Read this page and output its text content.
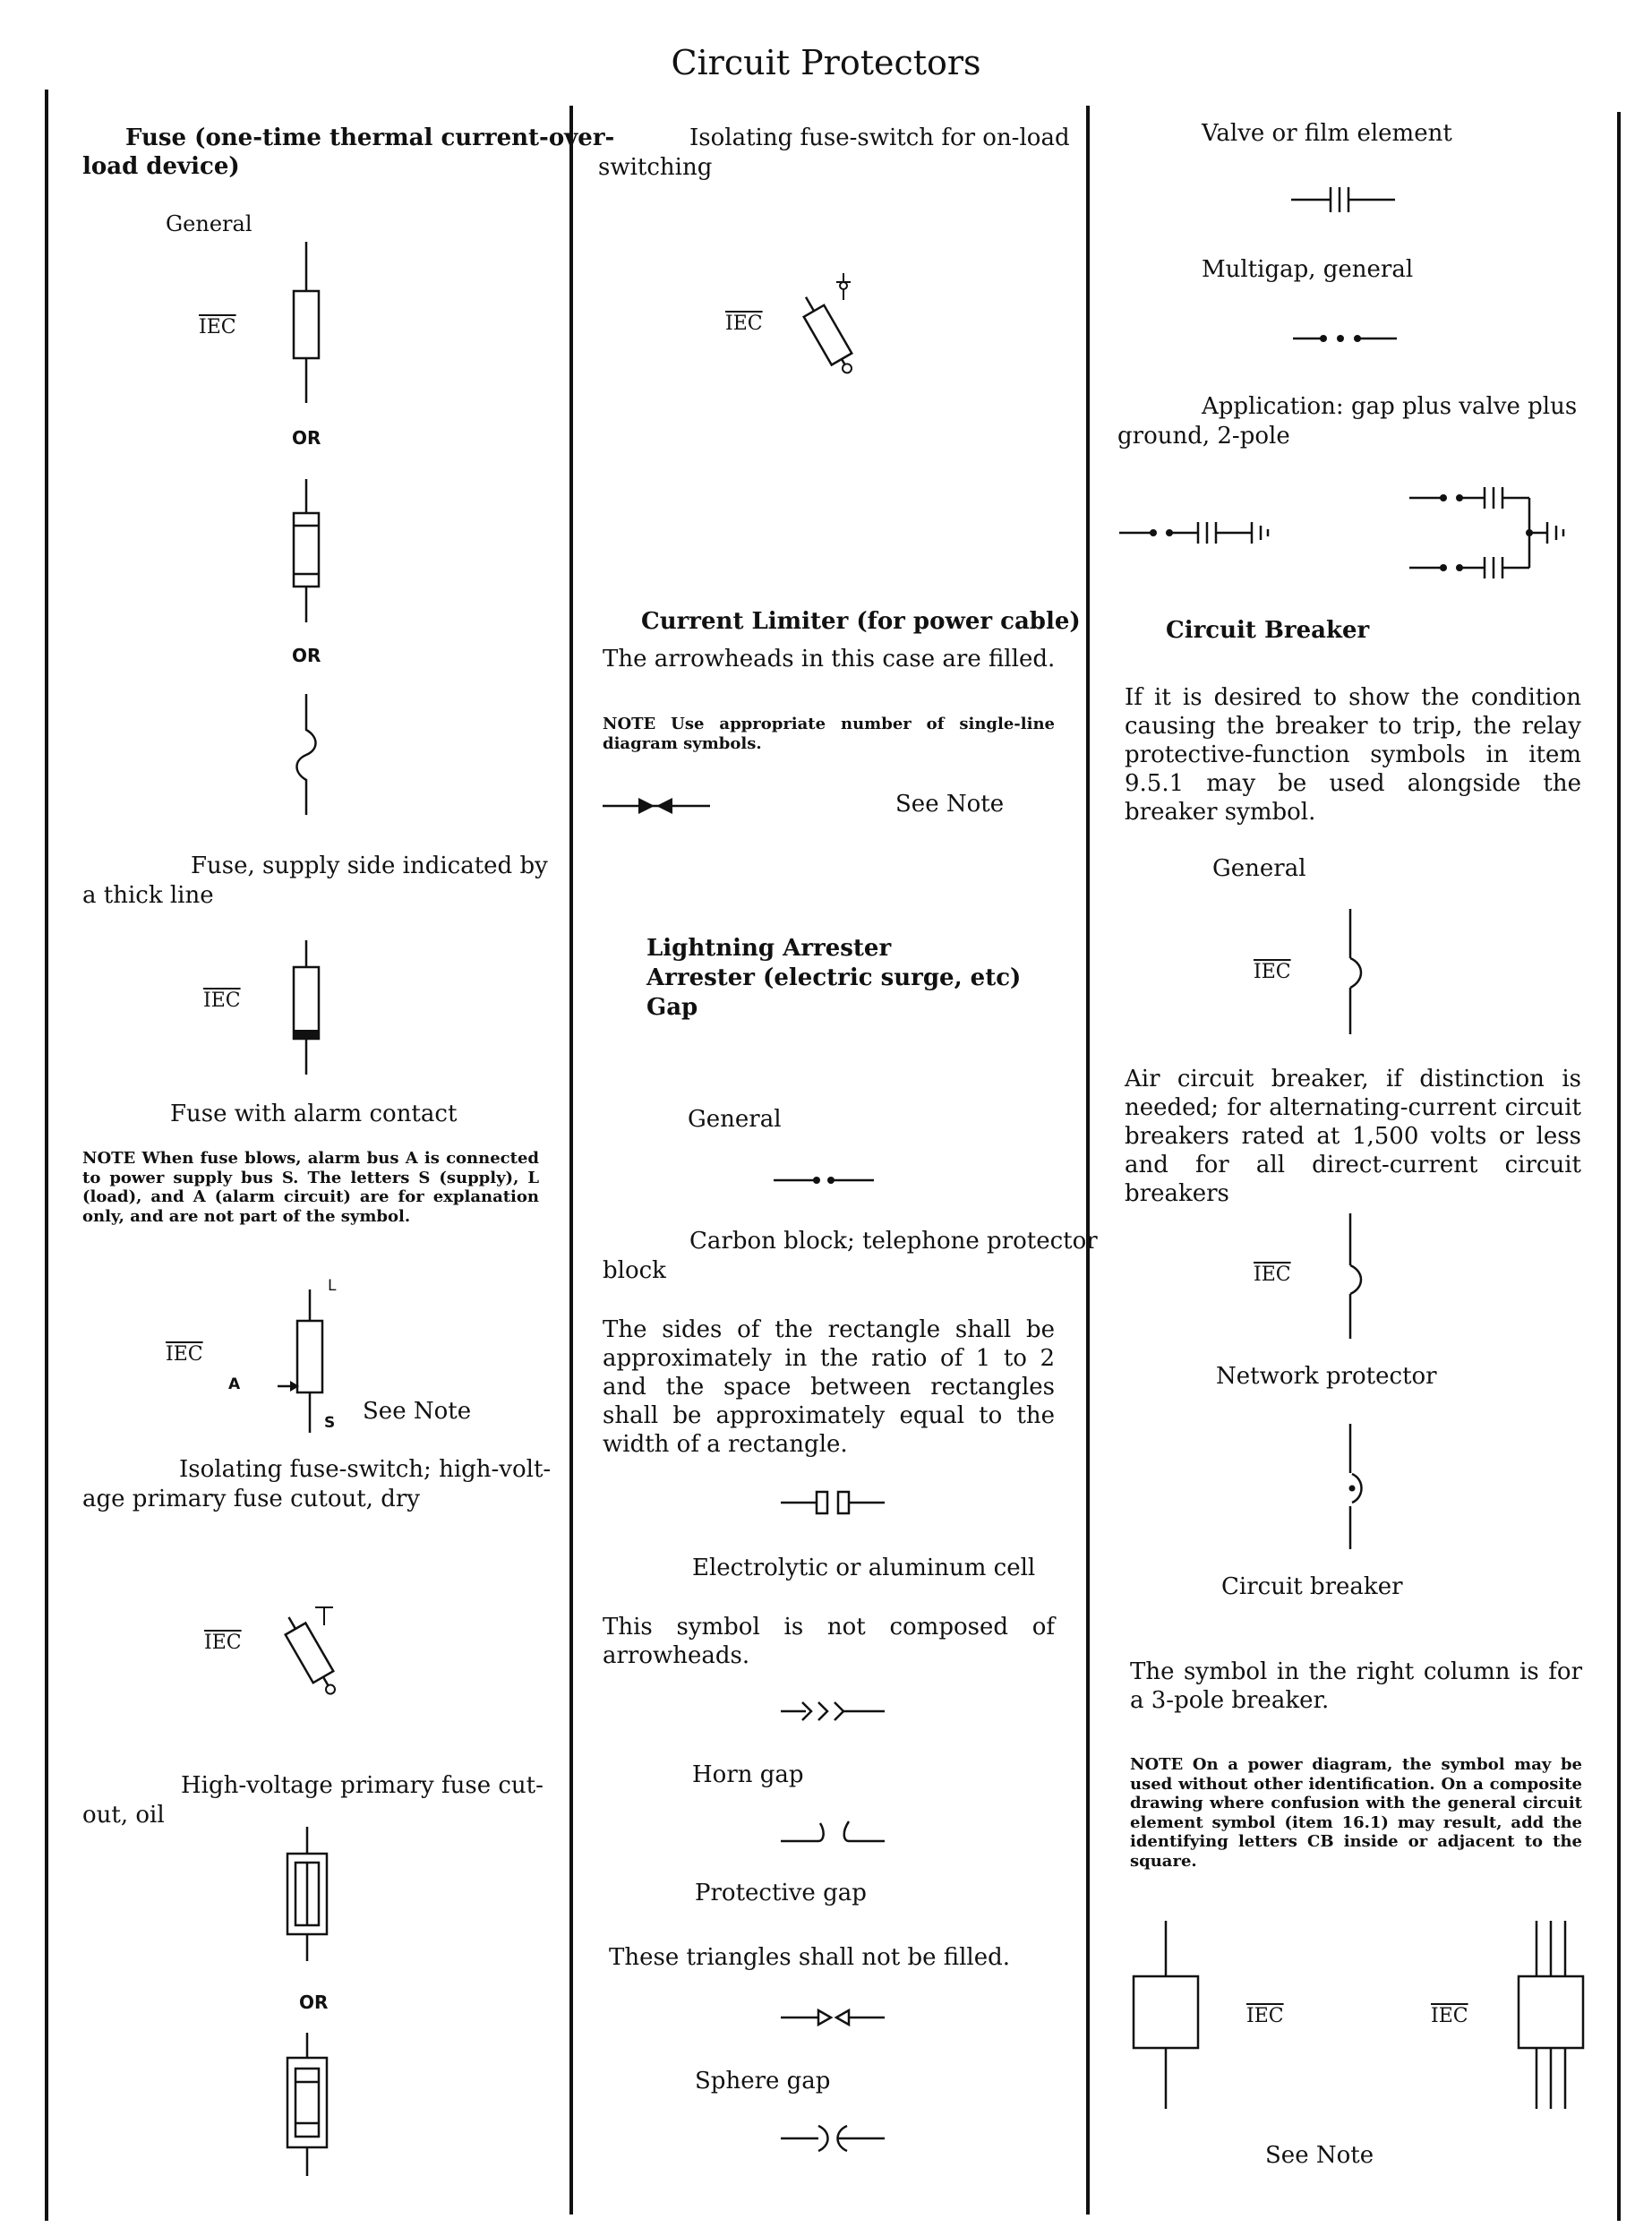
Circuit Protectors
Fuse (one-time thermal current-over-
load device)
General
$\overline{IEC}$
OR
OR
Fuse, supply side indicated by
a thick line
$\overline{IEC}$
Fuse with alarm contact
NOTE When fuse blows, alarm bus A is connected to power supply bus S. The letters S (supply), L (load), and A (alarm circuit) are for explanation only, and are not part of the symbol.
$\overline{IEC}$
L
A
S See Note
Isolating fuse-switch; high-volt-
age primary fuse cutout, dry
$\overline{IEC}$
High-voltage primary fuse cut-
out, oil
OR
Isolating fuse-switch for on-load
switching
$\overline{IEC}$
Current Limiter (for power cable)
The arrowheads in this case are filled.
NOTE Use appropriate number of single-line diagram symbols.
See Note
Lightning Arrester
Arrester (electric surge, etc)
Gap
General
Carbon block; telephone protector
block
The sides of the rectangle shall be approximately in the ratio of 1 to 2 and the space between rectangles shall be approximately equal to the width of a rectangle.
Electrolytic or aluminum cell
This symbol is not composed of arrowheads.
Horn gap
Protective gap
These triangles shall not be filled.
Sphere gap
Valve or film element
Multigap, general
Application: gap plus valve plus
ground, 2-pole
Circuit Breaker
If it is desired to show the condition causing the breaker to trip, the relay protective-function symbols in item 9.5.1 may be used alongside the breaker symbol.
General
$\overline{IEC}$
Air circuit breaker, if distinction is needed; for alternating-current circuit breakers rated at 1,500 volts or less and for all direct-current circuit breakers
$\overline{IEC}$
Network protector
Circuit breaker
The symbol in the right column is for a 3-pole breaker.
NOTE On a power diagram, the symbol may be used without other identification. On a composite drawing where confusion with the general circuit element symbol (item 16.1) may result, add the identifying letters CB inside or adjacent to the square.
$\overline{IEC}$	$\overline{IEC}$
See Note
